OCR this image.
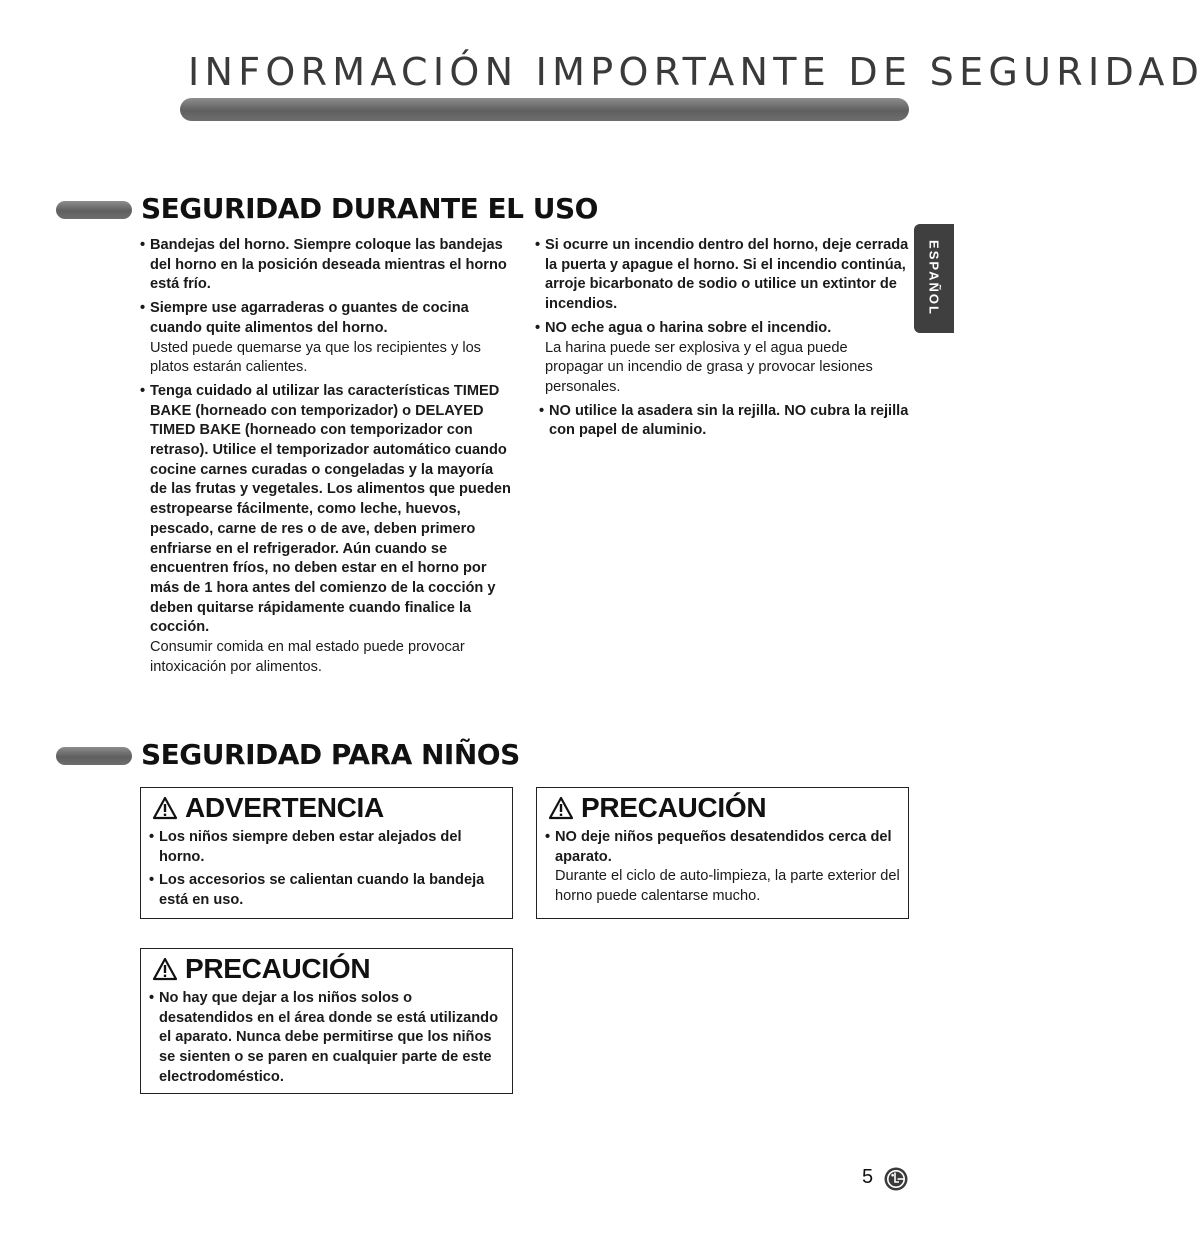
INFORMACIÓN IMPORTANTE DE SEGURIDAD
ESPAÑOL
SEGURIDAD DURANTE EL USO
• Bandejas del horno. Siempre coloque las bandejas del horno en la posición deseada mientras el horno está frío.
• Siempre use agarraderas o guantes de cocina cuando quite alimentos del horno.
Usted puede quemarse ya que los recipientes y los platos estarán calientes.
• Tenga cuidado al utilizar las características TIMED BAKE (horneado con temporizador) o DELAYED TIMED BAKE (horneado con temporizador con retraso). Utilice el temporizador automático cuando cocine carnes curadas o congeladas y la mayoría de las frutas y vegetales. Los alimentos que pueden estropearse fácilmente, como leche, huevos, pescado, carne de res o de ave, deben primero enfriarse en el refrigerador. Aún cuando se encuentren fríos, no deben estar en el horno por más de 1 hora antes del comienzo de la cocción y deben quitarse rápidamente cuando finalice la cocción.
Consumir comida en mal estado puede provocar intoxicación por alimentos.
• Si ocurre un incendio dentro del horno, deje cerrada la puerta y apague el horno. Si el incendio continúa, arroje bicarbonato de sodio o utilice un extintor de incendios.
• NO eche agua o harina sobre el incendio.
La harina puede ser explosiva y el agua puede propagar un incendio de grasa y provocar lesiones personales.
• NO utilice la asadera sin la rejilla. NO cubra la rejilla con papel de aluminio.
SEGURIDAD PARA NIÑOS
ADVERTENCIA
• Los niños siempre deben estar alejados del horno.
• Los accesorios se calientan cuando la bandeja está en uso.
PRECAUCIÓN
• NO deje niños pequeños desatendidos cerca del aparato.
Durante el ciclo de auto-limpieza, la parte exterior del horno puede calentarse mucho.
PRECAUCIÓN
• No hay que dejar a los niños solos o desatendidos en el área donde se está utilizando el aparato. Nunca debe permitirse que los niños se sienten o se paren en cualquier parte de este electrodoméstico.
5
